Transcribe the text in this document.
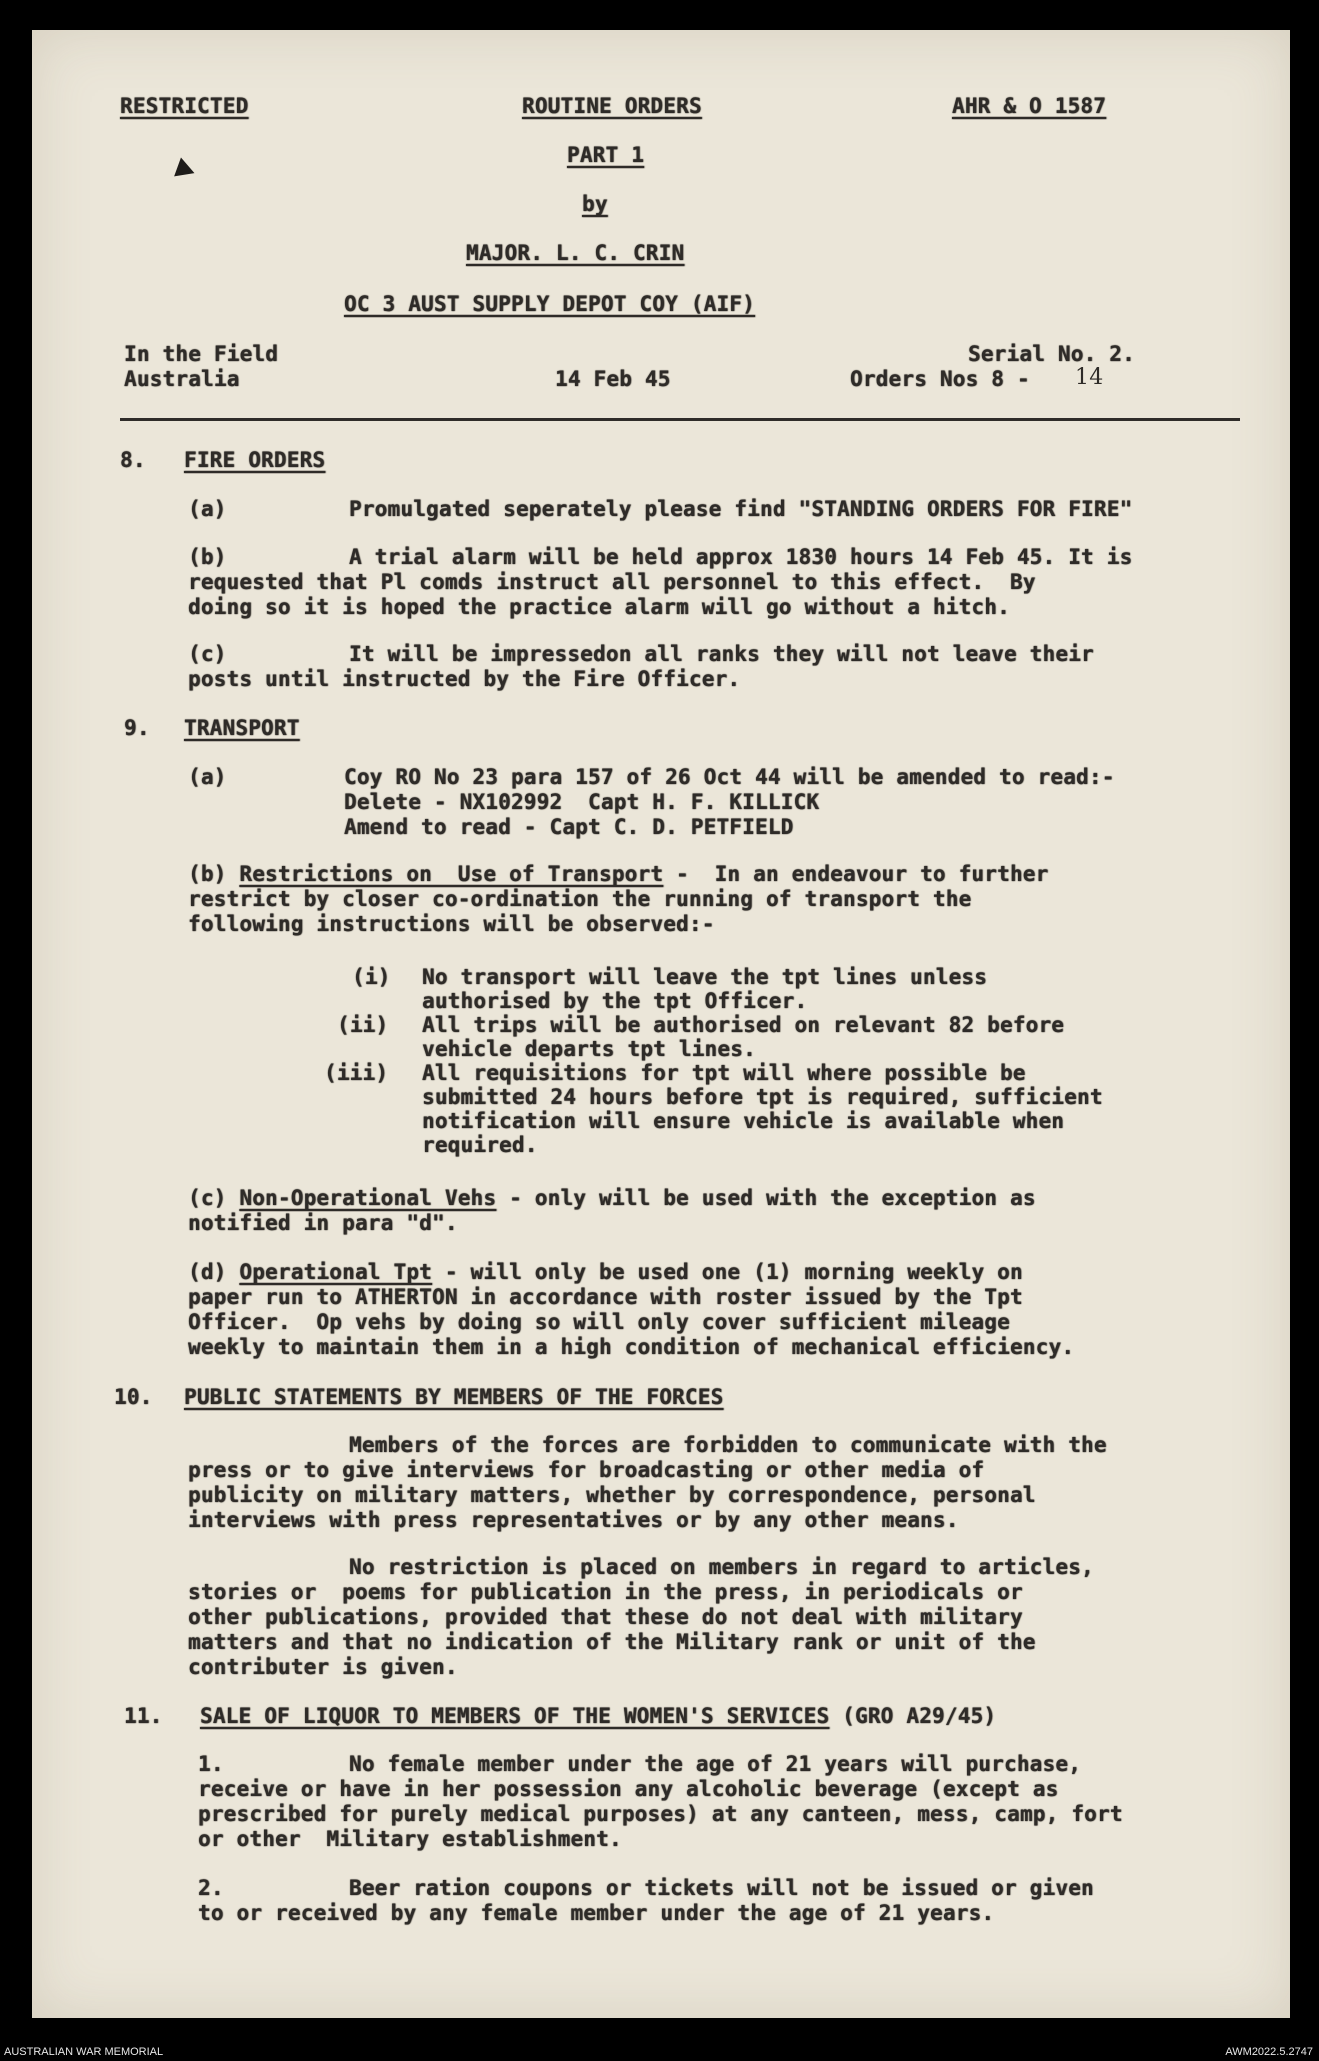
RESTRICTED	ROUTINE ORDERS	AHR & O 1587
PART 1
by
MAJOR. L. C. CRIN
OC 3 AUST SUPPLY DEPOT COY (AIF)
In the Field
Australia	14 Feb 45
Serial No. 2.
Orders Nos 8 - 14
8. FIRE ORDERS
(a)	Promulgated seperately please find "STANDING ORDERS FOR FIRE"
(b)	A trial alarm will be held approx 1830 hours 14 Feb 45. It is
requested that Pl comds instruct all personnel to this effect.  By
doing so it is hoped the practice alarm will go without a hitch.
(c)	It will be impressedon all ranks they will not leave their
posts until instructed by the Fire Officer.
9. TRANSPORT
(a)	Coy RO No 23 para 157 of 26 Oct 44 will be amended to read:-
Delete - NX102992  Capt H. F. KILLICK
Amend to read - Capt C. D. PETFIELD
(b) Restrictions on  Use of Transport -  In an endeavour to further
restrict by closer co-ordination the running of transport the
following instructions will be observed:-
(i) No transport will leave the tpt lines unless
authorised by the tpt Officer.
(ii) All trips will be authorised on relevant 82 before
vehicle departs tpt lines.
(iii) All requisitions for tpt will where possible be
submitted 24 hours before tpt is required, sufficient
notification will ensure vehicle is available when
required.
(c) Non-Operational Vehs - only will be used with the exception as
notified in para "d".
(d) Operational Tpt - will only be used one (1) morning weekly on
paper run to ATHERTON in accordance with roster issued by the Tpt
Officer.  Op vehs by doing so will only cover sufficient mileage
weekly to maintain them in a high condition of mechanical efficiency.
10. PUBLIC STATEMENTS BY MEMBERS OF THE FORCES
Members of the forces are forbidden to communicate with the
press or to give interviews for broadcasting or other media of
publicity on military matters, whether by correspondence, personal
interviews with press representatives or by any other means.
No restriction is placed on members in regard to articles,
stories or  poems for publication in the press, in periodicals or
other publications, provided that these do not deal with military
matters and that no indication of the Military rank or unit of the
contributer is given.
11. SALE OF LIQUOR TO MEMBERS OF THE WOMEN'S SERVICES (GRO A29/45)
1.	No female member under the age of 21 years will purchase,
receive or have in her possession any alcoholic beverage (except as
prescribed for purely medical purposes) at any canteen, mess, camp, fort
or other  Military establishment.
2.	Beer ration coupons or tickets will not be issued or given
to or received by any female member under the age of 21 years.
AUSTRALIAN WAR MEMORIAL	AWM2022.5.2747
